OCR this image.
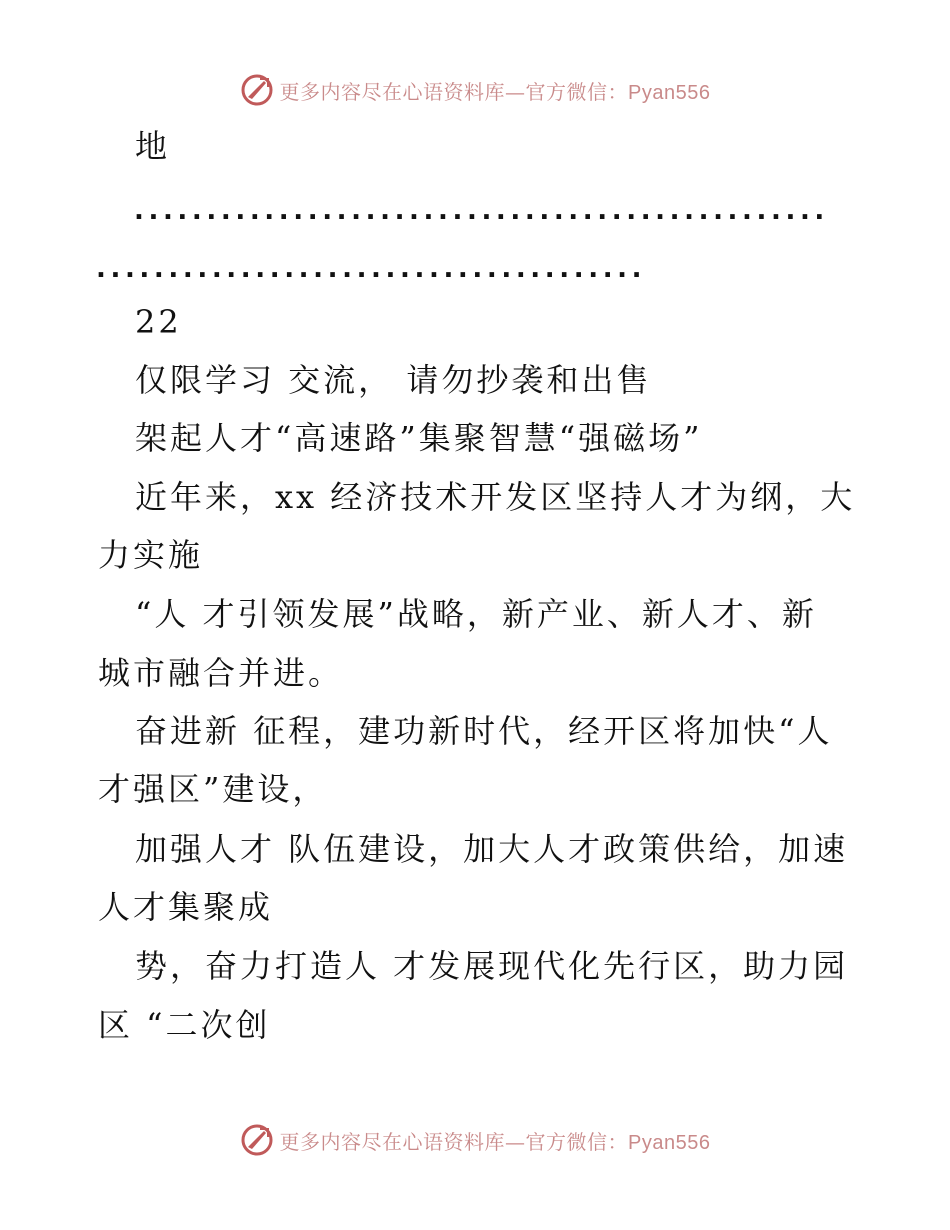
更多内容尽在心语资料库—官方微信：Pyan556
地
................................................
......................................
22
仅限学习 交流， 请勿抄袭和出售
架起人才“高速路”集聚智慧“强磁场”
近年来，xx 经济技术开发区坚持人才为纲，大
力实施
“人 才引领发展”战略，新产业、新人才、新
城市融合并进。
奋进新 征程，建功新时代，经开区将加快“人
才强区”建设，
加强人才 队伍建设，加大人才政策供给，加速
人才集聚成
势，奋力打造人 才发展现代化先行区，助力园
区 “二次创
更多内容尽在心语资料库—官方微信：Pyan556
